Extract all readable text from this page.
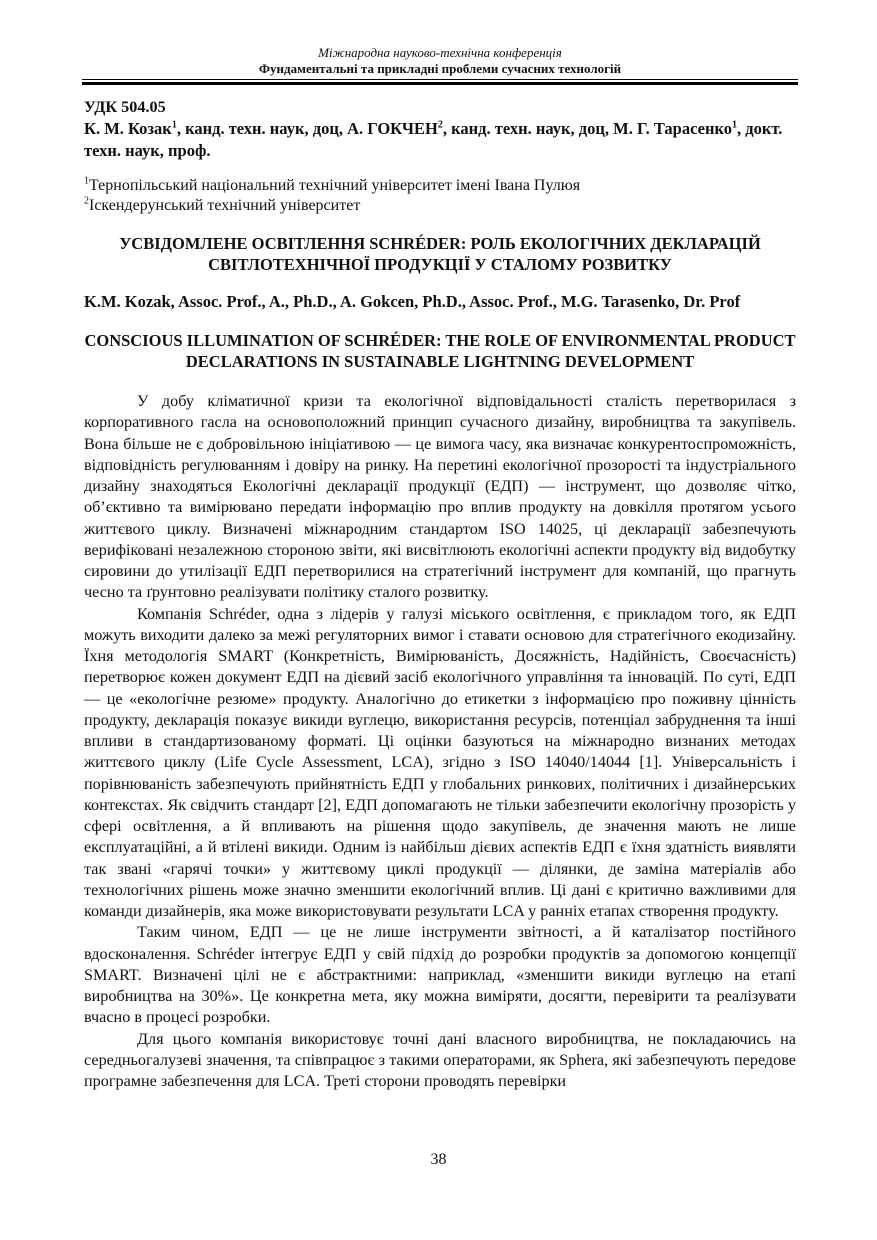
Міжнародна науково-технічна конференція
Фундаментальні та прикладні проблеми сучасних технологій
УДК 504.05
К. М. Козак$^1$, канд. техн. наук, доц, А. ГОКЧЕН$^2$, канд. техн. наук, доц, М. Г. Тарасенко$^1$, докт. техн. наук, проф.
$^1$Тернопільський національний технічний університет імені Івана Пулюя
$^2$Іскендерунський технічний університет
УСВІДОМЛЕНЕ ОСВІТЛЕННЯ SCHRÉDER: РОЛЬ ЕКОЛОГІЧНИХ ДЕКЛАРАЦІЙ СВІТЛОТЕХНІЧНОЇ ПРОДУКЦІЇ У СТАЛОМУ РОЗВИТКУ
K.M. Kozak, Assoc. Prof., A., Ph.D., A. Gokcen, Ph.D., Assoc. Prof., M.G. Tarasenko, Dr. Prof
CONSCIOUS ILLUMINATION OF SCHRÉDER: THE ROLE OF ENVIRONMENTAL PRODUCT DECLARATIONS IN SUSTAINABLE LIGHTNING DEVELOPMENT

У добу кліматичної кризи та екологічної відповідальності сталість перетворилася з корпоративного гасла на основоположний принцип сучасного дизайну, виробництва та закупівель. Вона більше не є добровільною ініціативою — це вимога часу, яка визначає конкурентоспроможність, відповідність регулюванням і довіру на ринку. На перетині екологічної прозорості та індустріального дизайну знаходяться Екологічні декларації продукції (ЕДП) — інструмент, що дозволяє чітко, об’єктивно та вимірювано передати інформацію про вплив продукту на довкілля протягом усього життєвого циклу. Визначені міжнародним стандартом ISO 14025, ці декларації забезпечують верифіковані незалежною стороною звіти, які висвітлюють екологічні аспекти продукту від видобутку сировини до утилізації ЕДП перетворилися на стратегічний інструмент для компаній, що прагнуть чесно та ґрунтовно реалізувати політику сталого розвитку.

Компанія Schréder, одна з лідерів у галузі міського освітлення, є прикладом того, як ЕДП можуть виходити далеко за межі регуляторних вимог і ставати основою для стратегічного екодизайну. Їхня методологія SMART (Конкретність, Вимірюваність, Досяжність, Надійність, Своєчасність) перетворює кожен документ ЕДП на дієвий засіб екологічного управління та інновацій. По суті, ЕДП — це «екологічне резюме» продукту. Аналогічно до етикетки з інформацією про поживну цінність продукту, декларація показує викиди вуглецю, використання ресурсів, потенціал забруднення та інші впливи в стандартизованому форматі. Ці оцінки базуються на міжнародно визнаних методах життєвого циклу (Life Cycle Assessment, LCA), згідно з ISO 14040/14044 [1]. Універсальність і порівнюваність забезпечують прийнятність ЕДП у глобальних ринкових, політичних і дизайнерських контекстах. Як свідчить стандарт [2], ЕДП допомагають не тільки забезпечити екологічну прозорість у сфері освітлення, а й впливають на рішення щодо закупівель, де значення мають не лише експлуатаційні, а й втілені викиди. Одним із найбільш дієвих аспектів ЕДП є їхня здатність виявляти так звані «гарячі точки» у життєвому циклі продукції — ділянки, де заміна матеріалів або технологічних рішень може значно зменшити екологічний вплив. Ці дані є критично важливими для команди дизайнерів, яка може використовувати результати LCA у ранніх етапах створення продукту.

Таким чином, ЕДП — це не лише інструменти звітності, а й каталізатор постійного вдосконалення. Schréder інтегрує ЕДП у свій підхід до розробки продуктів за допомогою концепції SMART. Визначені цілі не є абстрактними: наприклад, «зменшити викиди вуглецю на етапі виробництва на 30%». Це конкретна мета, яку можна виміряти, досягти, перевірити та реалізувати вчасно в процесі розробки.

Для цього компанія використовує точні дані власного виробництва, не покладаючись на середньогалузеві значення, та співпрацює з такими операторами, як Sphera, які забезпечують передове програмне забезпечення для LCA. Треті сторони проводять перевірки

38
